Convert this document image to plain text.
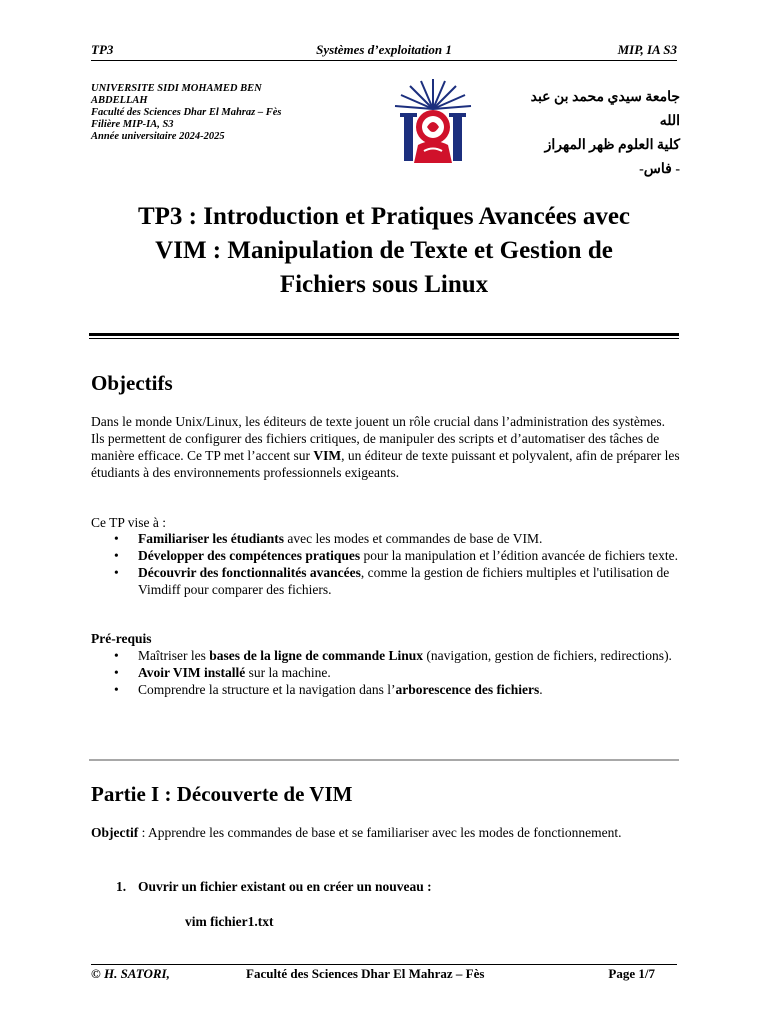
TP3	Systèmes d’exploitation 1	MIP, IA S3
UNIVERSITE SIDI MOHAMED BEN ABDELLAH
Faculté des Sciences Dhar El Mahraz – Fès
Filière MIP-IA, S3
Année universitaire 2024-2025
جامعة سيدي محمد بن عبد الله
كلية العلوم ظهر المهراز
- فاس-
TP3 : Introduction et Pratiques Avancées avec
VIM : Manipulation de Texte et Gestion de
Fichiers sous Linux
Objectifs
Dans le monde Unix/Linux, les éditeurs de texte jouent un rôle crucial dans l’administration des systèmes. Ils permettent de configurer des fichiers critiques, de manipuler des scripts et d’automatiser des tâches de manière efficace. Ce TP met l’accent sur VIM, un éditeur de texte puissant et polyvalent, afin de préparer les étudiants à des environnements professionnels exigeants.
Ce TP vise à :
• Familiariser les étudiants avec les modes et commandes de base de VIM.
• Développer des compétences pratiques pour la manipulation et l’édition avancée de fichiers texte.
• Découvrir des fonctionnalités avancées, comme la gestion de fichiers multiples et l'utilisation de Vimdiff pour comparer des fichiers.
Pré-requis
• Maîtriser les bases de la ligne de commande Linux (navigation, gestion de fichiers, redirections).
• Avoir VIM installé sur la machine.
• Comprendre la structure et la navigation dans l’arborescence des fichiers.
Partie I : Découverte de VIM
Objectif : Apprendre les commandes de base et se familiariser avec les modes de fonctionnement.
1. Ouvrir un fichier existant ou en créer un nouveau :
vim fichier1.txt
© H. SATORI,	Faculté des Sciences Dhar El Mahraz – Fès	Page 1/7
